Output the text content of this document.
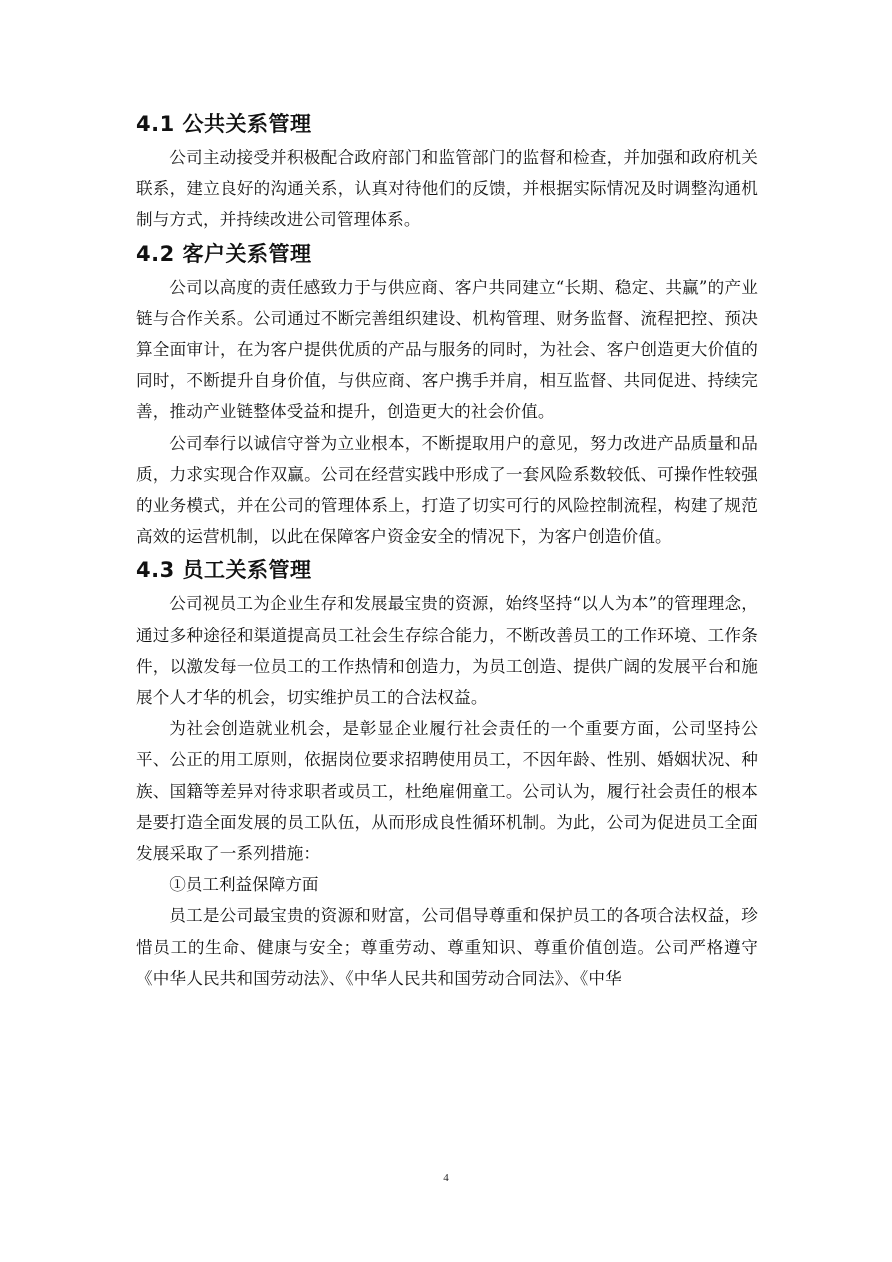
4.1 公共关系管理

公司主动接受并积极配合政府部门和监管部门的监督和检查，并加强和政府机关联系，建立良好的沟通关系，认真对待他们的反馈，并根据实际情况及时调整沟通机制与方式，并持续改进公司管理体系。

4.2 客户关系管理

公司以高度的责任感致力于与供应商、客户共同建立“长期、稳定、共赢”的产业链与合作关系。公司通过不断完善组织建设、机构管理、财务监督、流程把控、预决算全面审计，在为客户提供优质的产品与服务的同时，为社会、客户创造更大价值的同时，不断提升自身价值，与供应商、客户携手并肩，相互监督、共同促进、持续完善，推动产业链整体受益和提升，创造更大的社会价值。

公司奉行以诚信守誉为立业根本，不断提取用户的意见，努力改进产品质量和品质，力求实现合作双赢。公司在经营实践中形成了一套风险系数较低、可操作性较强的业务模式，并在公司的管理体系上，打造了切实可行的风险控制流程，构建了规范高效的运营机制，以此在保障客户资金安全的情况下，为客户创造价值。

4.3 员工关系管理

公司视员工为企业生存和发展最宝贵的资源，始终坚持“以人为本”的管理理念，通过多种途径和渠道提高员工社会生存综合能力，不断改善员工的工作环境、工作条件，以激发每一位员工的工作热情和创造力，为员工创造、提供广阔的发展平台和施展个人才华的机会，切实维护员工的合法权益。

为社会创造就业机会，是彰显企业履行社会责任的一个重要方面，公司坚持公平、公正的用工原则，依据岗位要求招聘使用员工，不因年龄、性别、婚姻状况、种族、国籍等差异对待求职者或员工，杜绝雇佣童工。公司认为，履行社会责任的根本是要打造全面发展的员工队伍，从而形成良性循环机制。为此，公司为促进员工全面发展采取了一系列措施：

①员工利益保障方面

员工是公司最宝贵的资源和财富，公司倡导尊重和保护员工的各项合法权益，珍惜员工的生命、健康与安全；尊重劳动、尊重知识、尊重价值创造。公司严格遵守《中华人民共和国劳动法》、《中华人民共和国劳动合同法》、《中华

4
